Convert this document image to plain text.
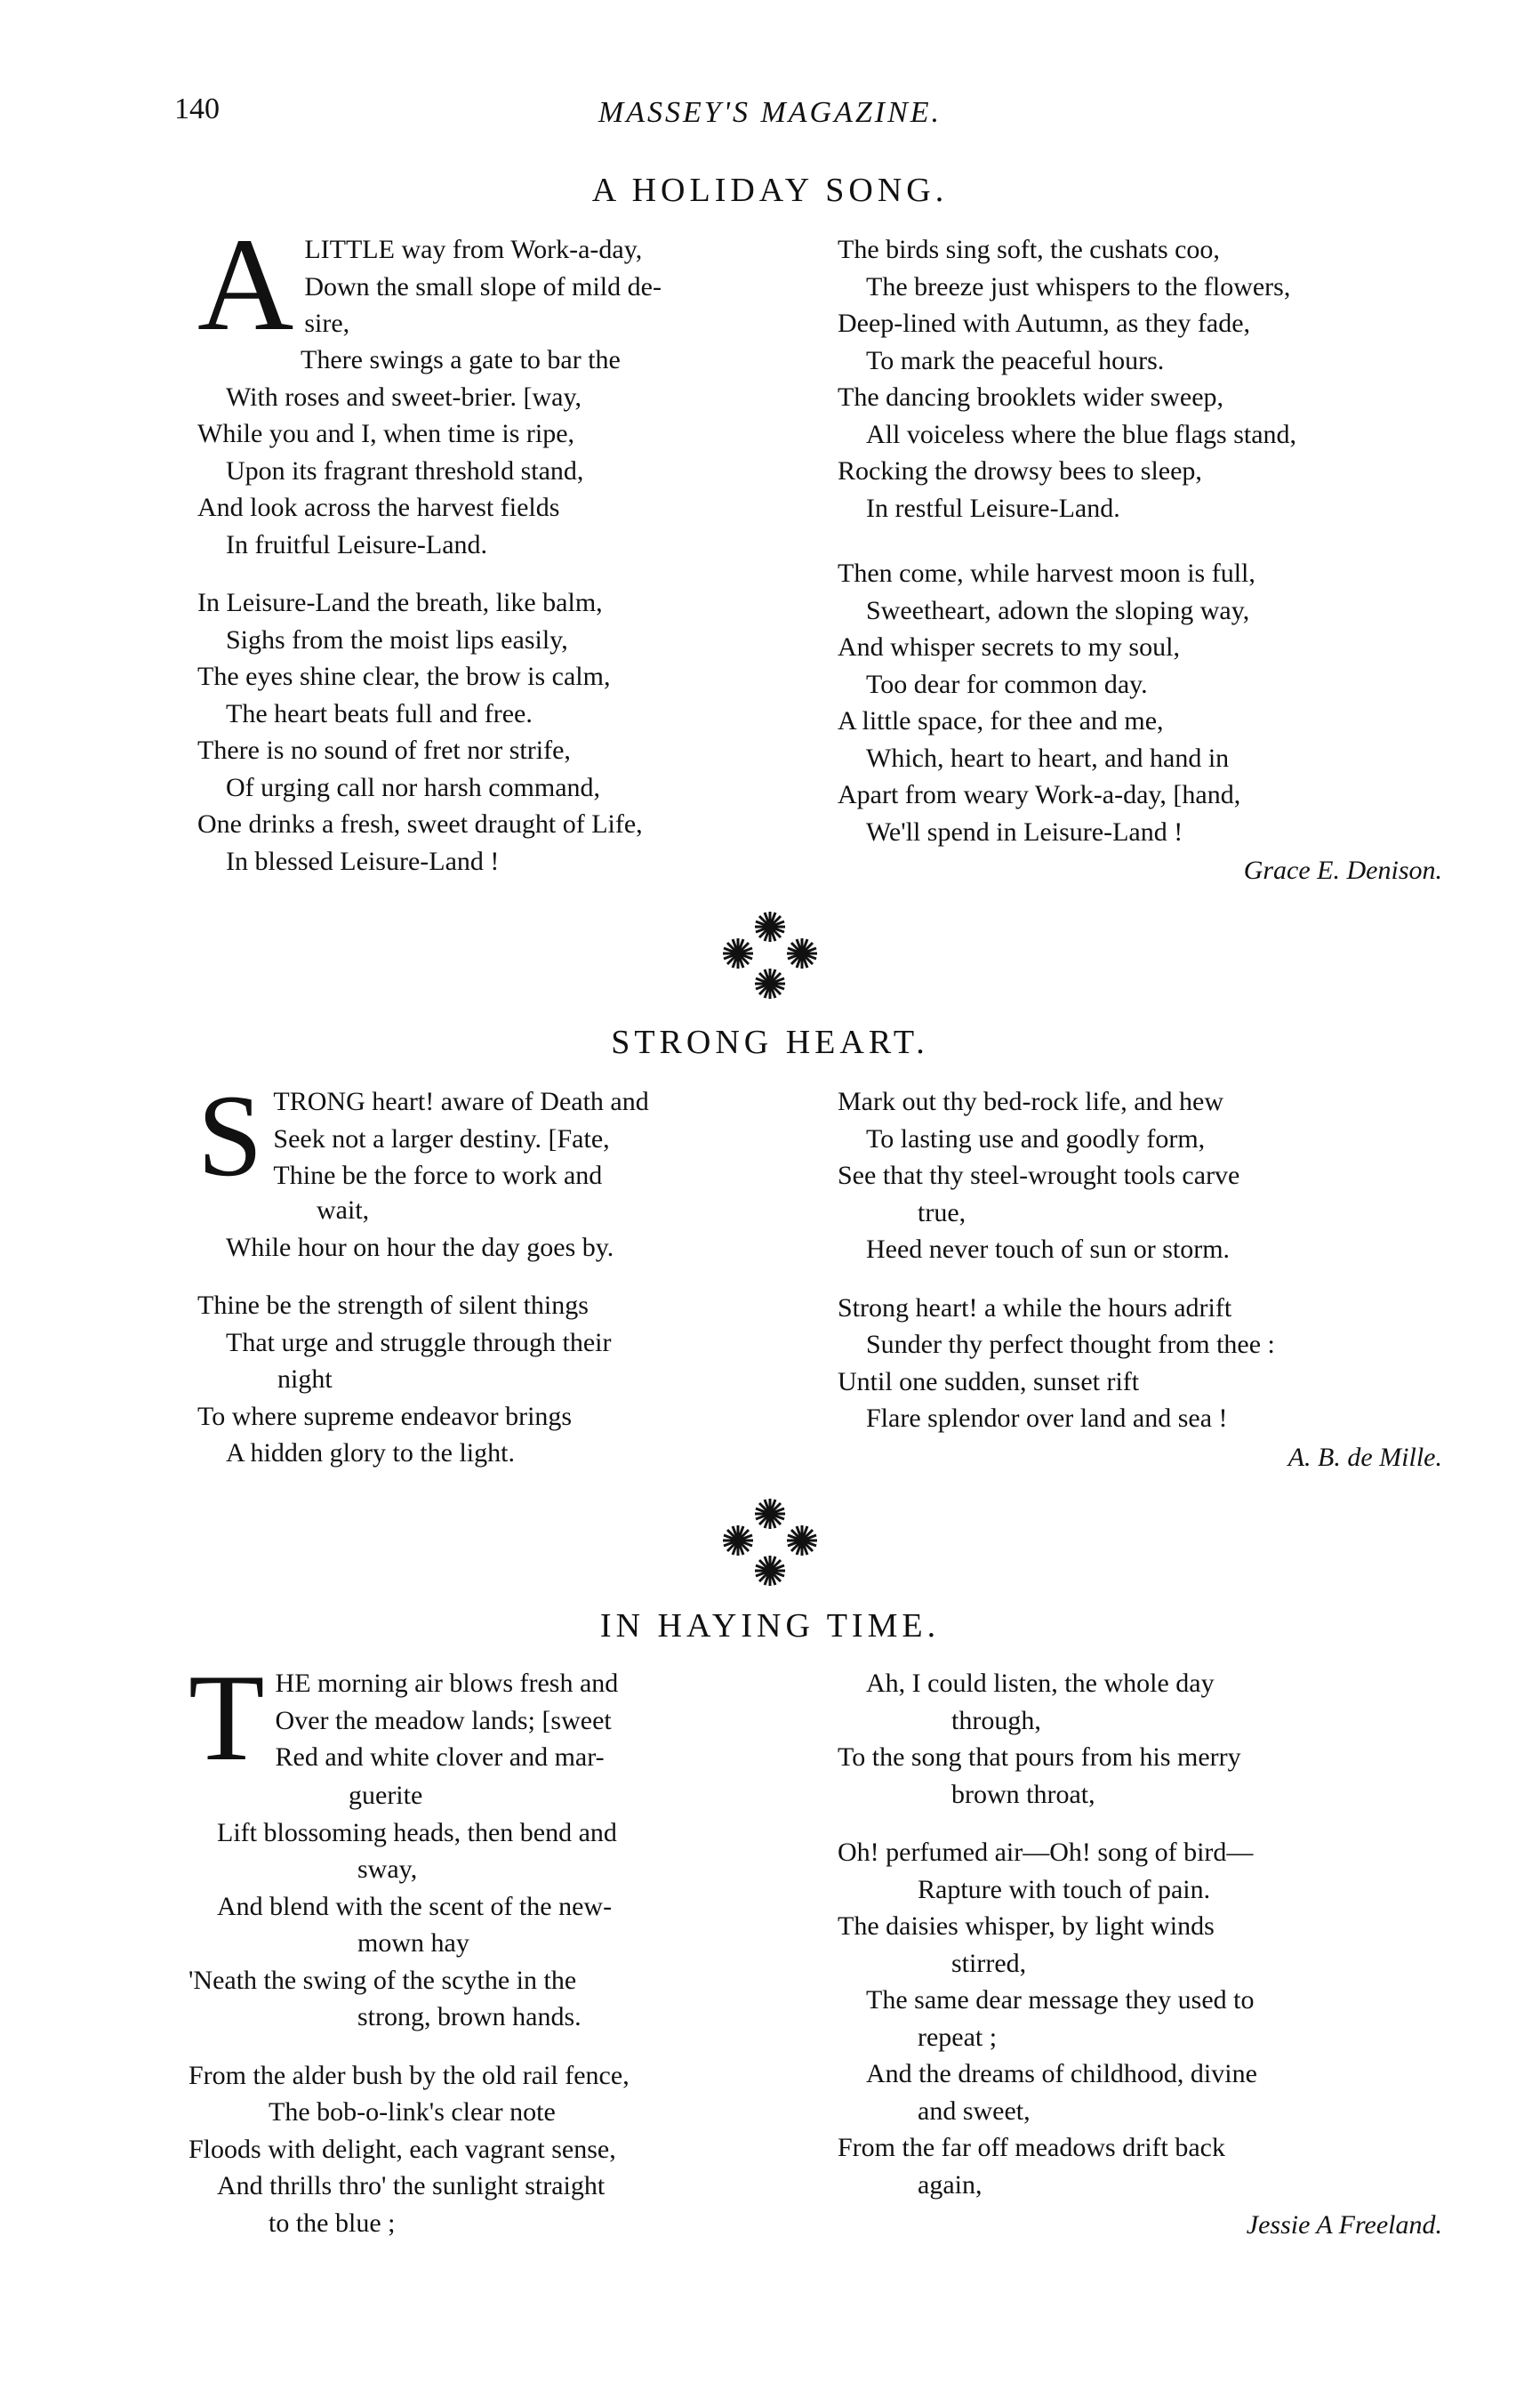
140	MASSEY'S MAGAZINE.
A HOLIDAY SONG.
A LITTLE way from Work-a-day,
Down the small slope of mild de-
sire,
There swings a gate to bar the
With roses and sweet-brier. [way,
While you and I, when time is ripe,
Upon its fragrant threshold stand,
And look across the harvest fields
In fruitful Leisure-Land.
In Leisure-Land the breath, like balm,
Sighs from the moist lips easily,
The eyes shine clear, the brow is calm,
The heart beats full and free.
There is no sound of fret nor strife,
Of urging call nor harsh command,
One drinks a fresh, sweet draught of Life,
In blessed Leisure-Land !
The birds sing soft, the cushats coo,
The breeze just whispers to the flowers,
Deep-lined with Autumn, as they fade,
To mark the peaceful hours.
The dancing brooklets wider sweep,
All voiceless where the blue flags stand,
Rocking the drowsy bees to sleep,
In restful Leisure-Land.
Then come, while harvest moon is full,
Sweetheart, adown the sloping way,
And whisper secrets to my soul,
Too dear for common day.
A little space, for thee and me,
Which, heart to heart, and hand in
Apart from weary Work-a-day, [hand,
We'll spend in Leisure-Land !
Grace E. Denison.
STRONG HEART.
S TRONG heart! aware of Death and
Seek not a larger destiny. [Fate,
Thine be the force to work and
wait,
While hour on hour the day goes by.
Thine be the strength of silent things
That urge and struggle through their
night
To where supreme endeavor brings
A hidden glory to the light.
Mark out thy bed-rock life, and hew
To lasting use and goodly form,
See that thy steel-wrought tools carve
true,
Heed never touch of sun or storm.
Strong heart! a while the hours adrift
Sunder thy perfect thought from thee :
Until one sudden, sunset rift
Flare splendor over land and sea !
A. B. de Mille.
IN HAYING TIME.
T HE morning air blows fresh and
Over the meadow lands; [sweet
Red and white clover and mar-
guerite
Lift blossoming heads, then bend and
sway,
And blend with the scent of the new-
mown hay
'Neath the swing of the scythe in the
strong, brown hands.
From the alder bush by the old rail fence,
The bob-o-link's clear note
Floods with delight, each vagrant sense,
And thrills thro' the sunlight straight
to the blue ;
Ah, I could listen, the whole day
through,
To the song that pours from his merry
brown throat,
Oh! perfumed air—Oh! song of bird—
Rapture with touch of pain.
The daisies whisper, by light winds
stirred,
The same dear message they used to
repeat ;
And the dreams of childhood, divine
and sweet,
From the far off meadows drift back
again,
Jessie A Freeland.
